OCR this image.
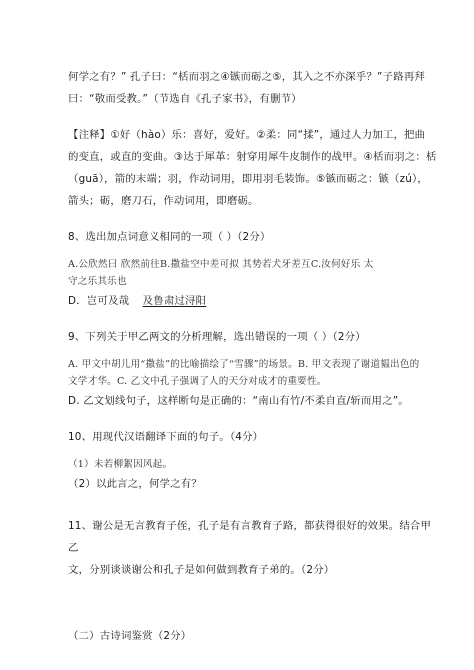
何学之有？” 孔子曰：“栝而羽之④镞而砺之⑤，其入之不亦深乎？”子路再拜

曰：“敬而受教。”（节选自《孔子家书》，有删节）

【注释】①好（hào）乐：喜好，爱好。②柔：同“揉”，通过人力加工，把曲

的变直，或直的变曲。③达于犀革：射穿用犀牛皮制作的战甲。④栝而羽之：栝

（guā），箭的末端；羽，作动词用，即用羽毛装饰。⑤镞而砺之：镞（zú），

箭头；砺，磨刀石，作动词用，即磨砺。

8、选出加点词意义相同的一项（ ）（2分）

A.公欣然曰 欣然前往B.撒盐空中差可拟 其势若犬牙差互C.汝何好乐 太

守之乐其乐也

D．岂可及哉 及鲁肃过浔阳

9、下列关于甲乙两文的分析理解，选出错误的一项（ ）（2分）

A. 甲文中胡儿用“撒盐”的比喻描绘了“雪骤”的场景。B. 甲文表现了谢道韫出色的

文学才华。C. 乙文中孔子强调了人的天分对成才的重要性。

D. 乙文划线句子，这样断句是正确的：“南山有竹/不柔自直/斩而用之”。

10、用现代汉语翻译下面的句子。（4分）

（1）未若柳絮因风起。

（2）以此言之，何学之有？

11、谢公是无言教育子侄，孔子是有言教育子路，都获得很好的效果。结合甲乙

文，分别谈谈谢公和孔子是如何做到教育子弟的。（2分）

（二）古诗词鉴赏（2分）
